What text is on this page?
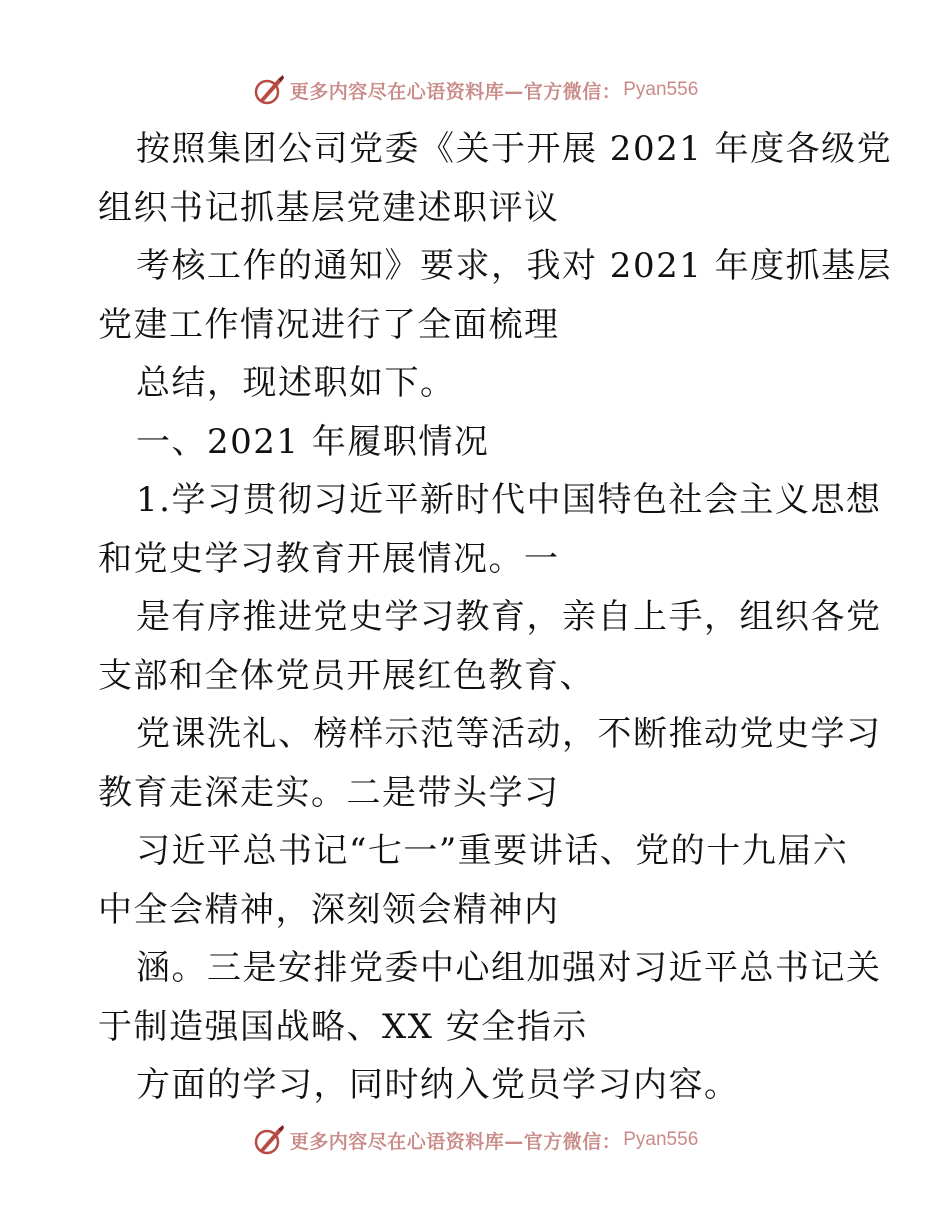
更多内容尽在心语资料库—官方微信： Pyan556
按照集团公司党委《关于开展 2021 年度各级党
组织书记抓基层党建述职评议
考核工作的通知》要求，我对 2021 年度抓基层
党建工作情况进行了全面梳理
总结，现述职如下。
一、2021 年履职情况
1.学习贯彻习近平新时代中国特色社会主义思想
和党史学习教育开展情况。一
是有序推进党史学习教育，亲自上手，组织各党
支部和全体党员开展红色教育、
党课洗礼、榜样示范等活动，不断推动党史学习
教育走深走实。二是带头学习
习近平总书记“七一”重要讲话、党的十九届六
中全会精神，深刻领会精神内
涵。三是安排党委中心组加强对习近平总书记关
于制造强国战略、XX 安全指示
方面的学习，同时纳入党员学习内容。
更多内容尽在心语资料库—官方微信： Pyan556
